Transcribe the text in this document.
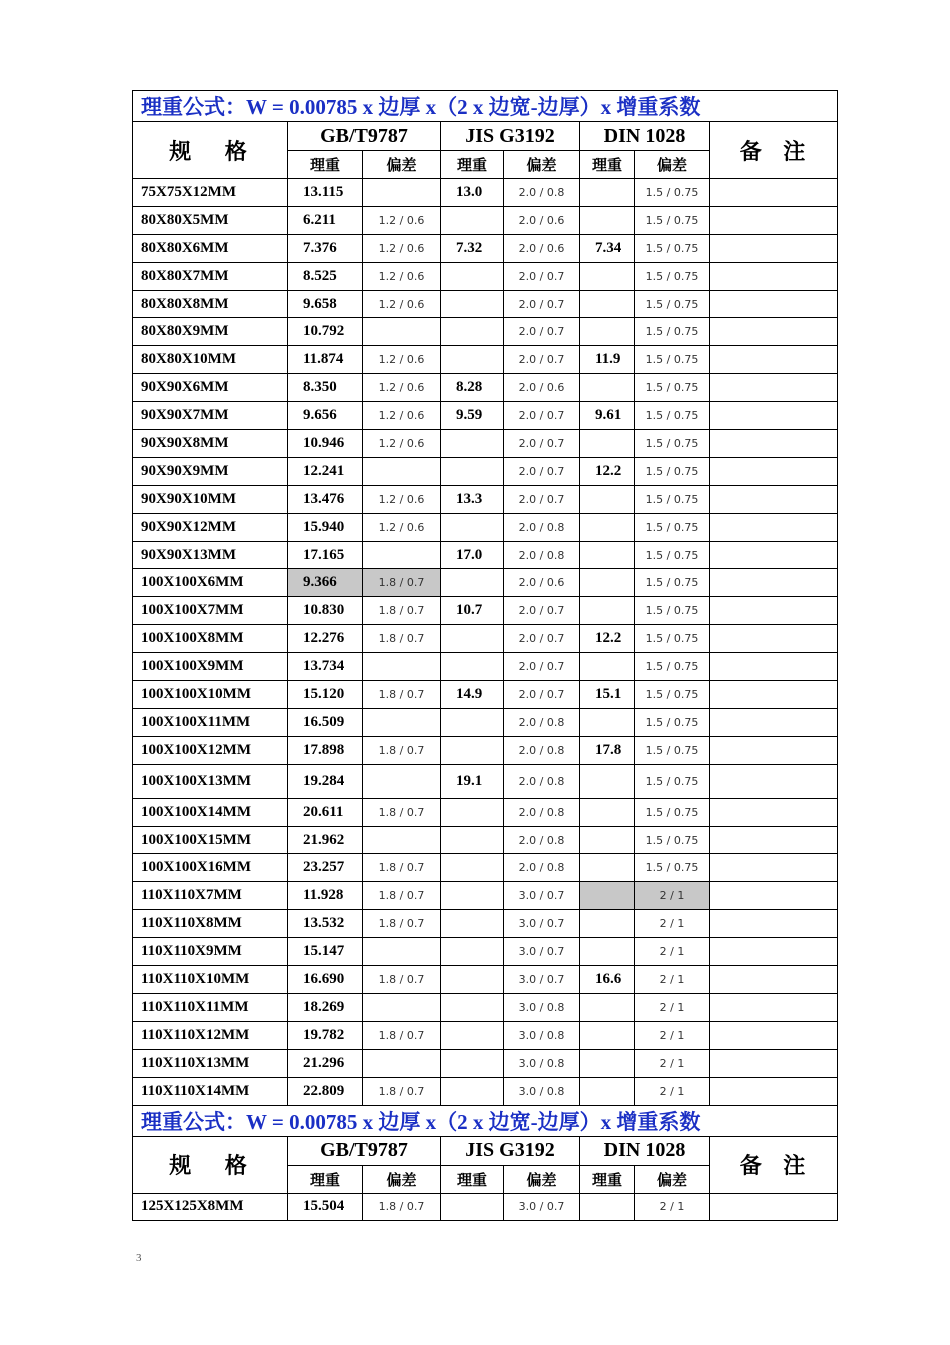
理重公式：W = 0.00785 x 边厚 x（2 x 边宽-边厚）x 增重系数							
规 格	GB/T9787		JIS G3192		DIN 1028		备 注
	理重	偏差	理重	偏差	理重	偏差	
75X75X12MM	13.115		13.0	2.0 / 0.8		1.5 / 0.75	
80X80X5MM	6.211	1.2 / 0.6		2.0 / 0.6		1.5 / 0.75	
80X80X6MM	7.376	1.2 / 0.6	7.32	2.0 / 0.6	7.34	1.5 / 0.75	
80X80X7MM	8.525	1.2 / 0.6		2.0 / 0.7		1.5 / 0.75	
80X80X8MM	9.658	1.2 / 0.6		2.0 / 0.7		1.5 / 0.75	
80X80X9MM	10.792			2.0 / 0.7		1.5 / 0.75	
80X80X10MM	11.874	1.2 / 0.6		2.0 / 0.7	11.9	1.5 / 0.75	
90X90X6MM	8.350	1.2 / 0.6	8.28	2.0 / 0.6		1.5 / 0.75	
90X90X7MM	9.656	1.2 / 0.6	9.59	2.0 / 0.7	9.61	1.5 / 0.75	
90X90X8MM	10.946	1.2 / 0.6		2.0 / 0.7		1.5 / 0.75	
90X90X9MM	12.241			2.0 / 0.7	12.2	1.5 / 0.75	
90X90X10MM	13.476	1.2 / 0.6	13.3	2.0 / 0.7		1.5 / 0.75	
90X90X12MM	15.940	1.2 / 0.6		2.0 / 0.8		1.5 / 0.75	
90X90X13MM	17.165		17.0	2.0 / 0.8		1.5 / 0.75	
100X100X6MM	9.366	1.8 / 0.7		2.0 / 0.6		1.5 / 0.75	
100X100X7MM	10.830	1.8 / 0.7	10.7	2.0 / 0.7		1.5 / 0.75	
100X100X8MM	12.276	1.8 / 0.7		2.0 / 0.7	12.2	1.5 / 0.75	
100X100X9MM	13.734			2.0 / 0.7		1.5 / 0.75	
100X100X10MM	15.120	1.8 / 0.7	14.9	2.0 / 0.7	15.1	1.5 / 0.75	
100X100X11MM	16.509			2.0 / 0.8		1.5 / 0.75	
100X100X12MM	17.898	1.8 / 0.7		2.0 / 0.8	17.8	1.5 / 0.75	
100X100X13MM	19.284		19.1	2.0 / 0.8		1.5 / 0.75	
100X100X14MM	20.611	1.8 / 0.7		2.0 / 0.8		1.5 / 0.75	
100X100X15MM	21.962			2.0 / 0.8		1.5 / 0.75	
100X100X16MM	23.257	1.8 / 0.7		2.0 / 0.8		1.5 / 0.75	
110X110X7MM	11.928	1.8 / 0.7		3.0 / 0.7		2 / 1	
110X110X8MM	13.532	1.8 / 0.7		3.0 / 0.7		2 / 1	
110X110X9MM	15.147			3.0 / 0.7		2 / 1	
110X110X10MM	16.690	1.8 / 0.7		3.0 / 0.7	16.6	2 / 1	
110X110X11MM	18.269			3.0 / 0.8		2 / 1	
110X110X12MM	19.782	1.8 / 0.7		3.0 / 0.8		2 / 1	
110X110X13MM	21.296			3.0 / 0.8		2 / 1	
110X110X14MM	22.809	1.8 / 0.7		3.0 / 0.8		2 / 1	
理重公式：W = 0.00785 x 边厚 x（2 x 边宽-边厚）x 增重系数							
规 格	GB/T9787		JIS G3192		DIN 1028		备 注
	理重	偏差	理重	偏差	理重	偏差	
125X125X8MM	15.504	1.8 / 0.7		3.0 / 0.7		2 / 1	
3
